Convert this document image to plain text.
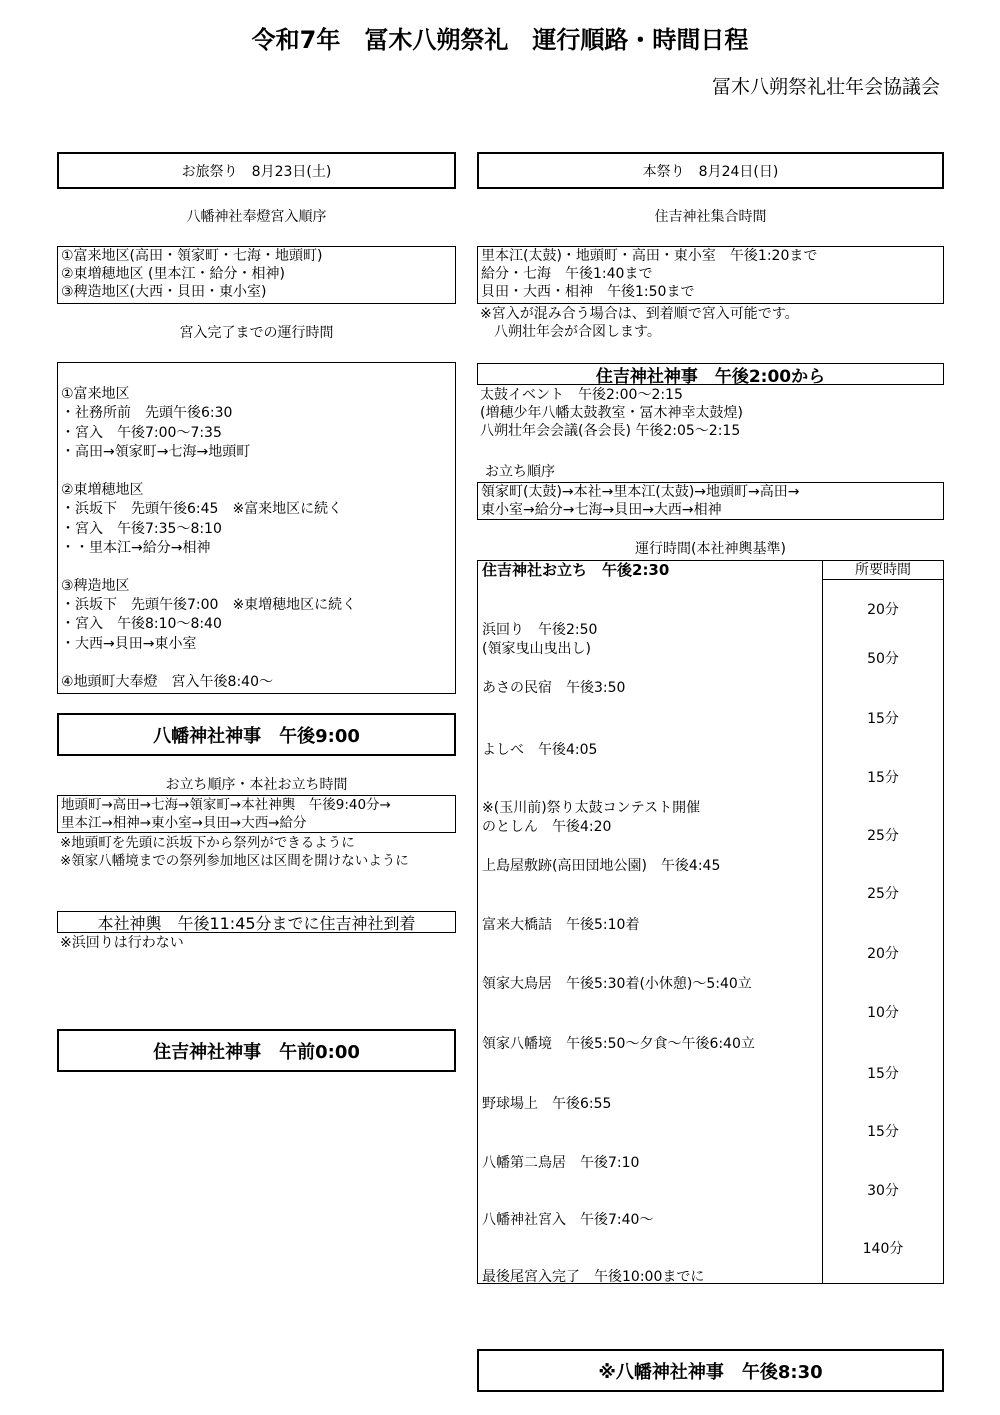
令和7年　冨木八朔祭礼　運行順路・時間日程
冨木八朔祭礼壮年会協議会
お旅祭り　8月23日(土)
八幡神社奉燈宮入順序
①富来地区(高田・領家町・七海・地頭町)
②東増穂地区 (里本江・給分・相神)
③稗造地区(大西・貝田・東小室)
宮入完了までの運行時間
①富来地区
・社務所前　先頭午後6:30
・宮入　午後7:00～7:35
・高田→領家町→七海→地頭町
②東増穂地区
・浜坂下　先頭午後6:45　※富来地区に続く
・宮入　午後7:35～8:10
・・里本江→給分→相神
③稗造地区
・浜坂下　先頭午後7:00　※東増穂地区に続く
・宮入　午後8:10～8:40
・大西→貝田→東小室
④地頭町大奉燈　宮入午後8:40～
八幡神社神事　午後9:00
お立ち順序・本社お立ち時間
地頭町→高田→七海→領家町→本社神輿　午後9:40分→
里本江→相神→東小室→貝田→大西→給分
※地頭町を先頭に浜坂下から祭列ができるように
※領家八幡境までの祭列参加地区は区間を開けないように
本社神輿　午後11:45分までに住吉神社到着
※浜回りは行わない
住吉神社神事　午前0:00
本祭り　8月24日(日)
住吉神社集合時間
里本江(太鼓)・地頭町・高田・東小室　午後1:20まで
給分・七海　午後1:40まで
貝田・大西・相神　午後1:50まで
※宮入が混み合う場合は、到着順で宮入可能です。
　八朔壮年会が合図します。
住吉神社神事　午後2:00から
太鼓イベント　午後2:00～2:15
(増穂少年八幡太鼓教室・冨木神幸太鼓煌)
八朔壮年会会議(各会長) 午後2:05～2:15
お立ち順序
領家町(太鼓)→本社→里本江(太鼓)→地頭町→高田→
東小室→給分→七海→貝田→大西→相神
運行時間(本社神輿基準)
所要時間
住吉神社お立ち　午後2:30
浜回り　午後2:50
(領家曳山曳出し)
あさの民宿　午後3:50
よしべ　午後4:05
※(玉川前)祭り太鼓コンテスト開催
のとしん　午後4:20
上島屋敷跡(高田団地公園)　午後4:45
富来大橋詰　午後5:10着
領家大鳥居　午後5:30着(小休憩)～5:40立
領家八幡境　午後5:50～夕食～午後6:40立
野球場上　午後6:55
八幡第二鳥居　午後7:10
八幡神社宮入　午後7:40～
最後尾宮入完了　午後10:00までに
20分
50分
15分
15分
25分
25分
20分
10分
15分
15分
30分
140分
※八幡神社神事　午後8:30
